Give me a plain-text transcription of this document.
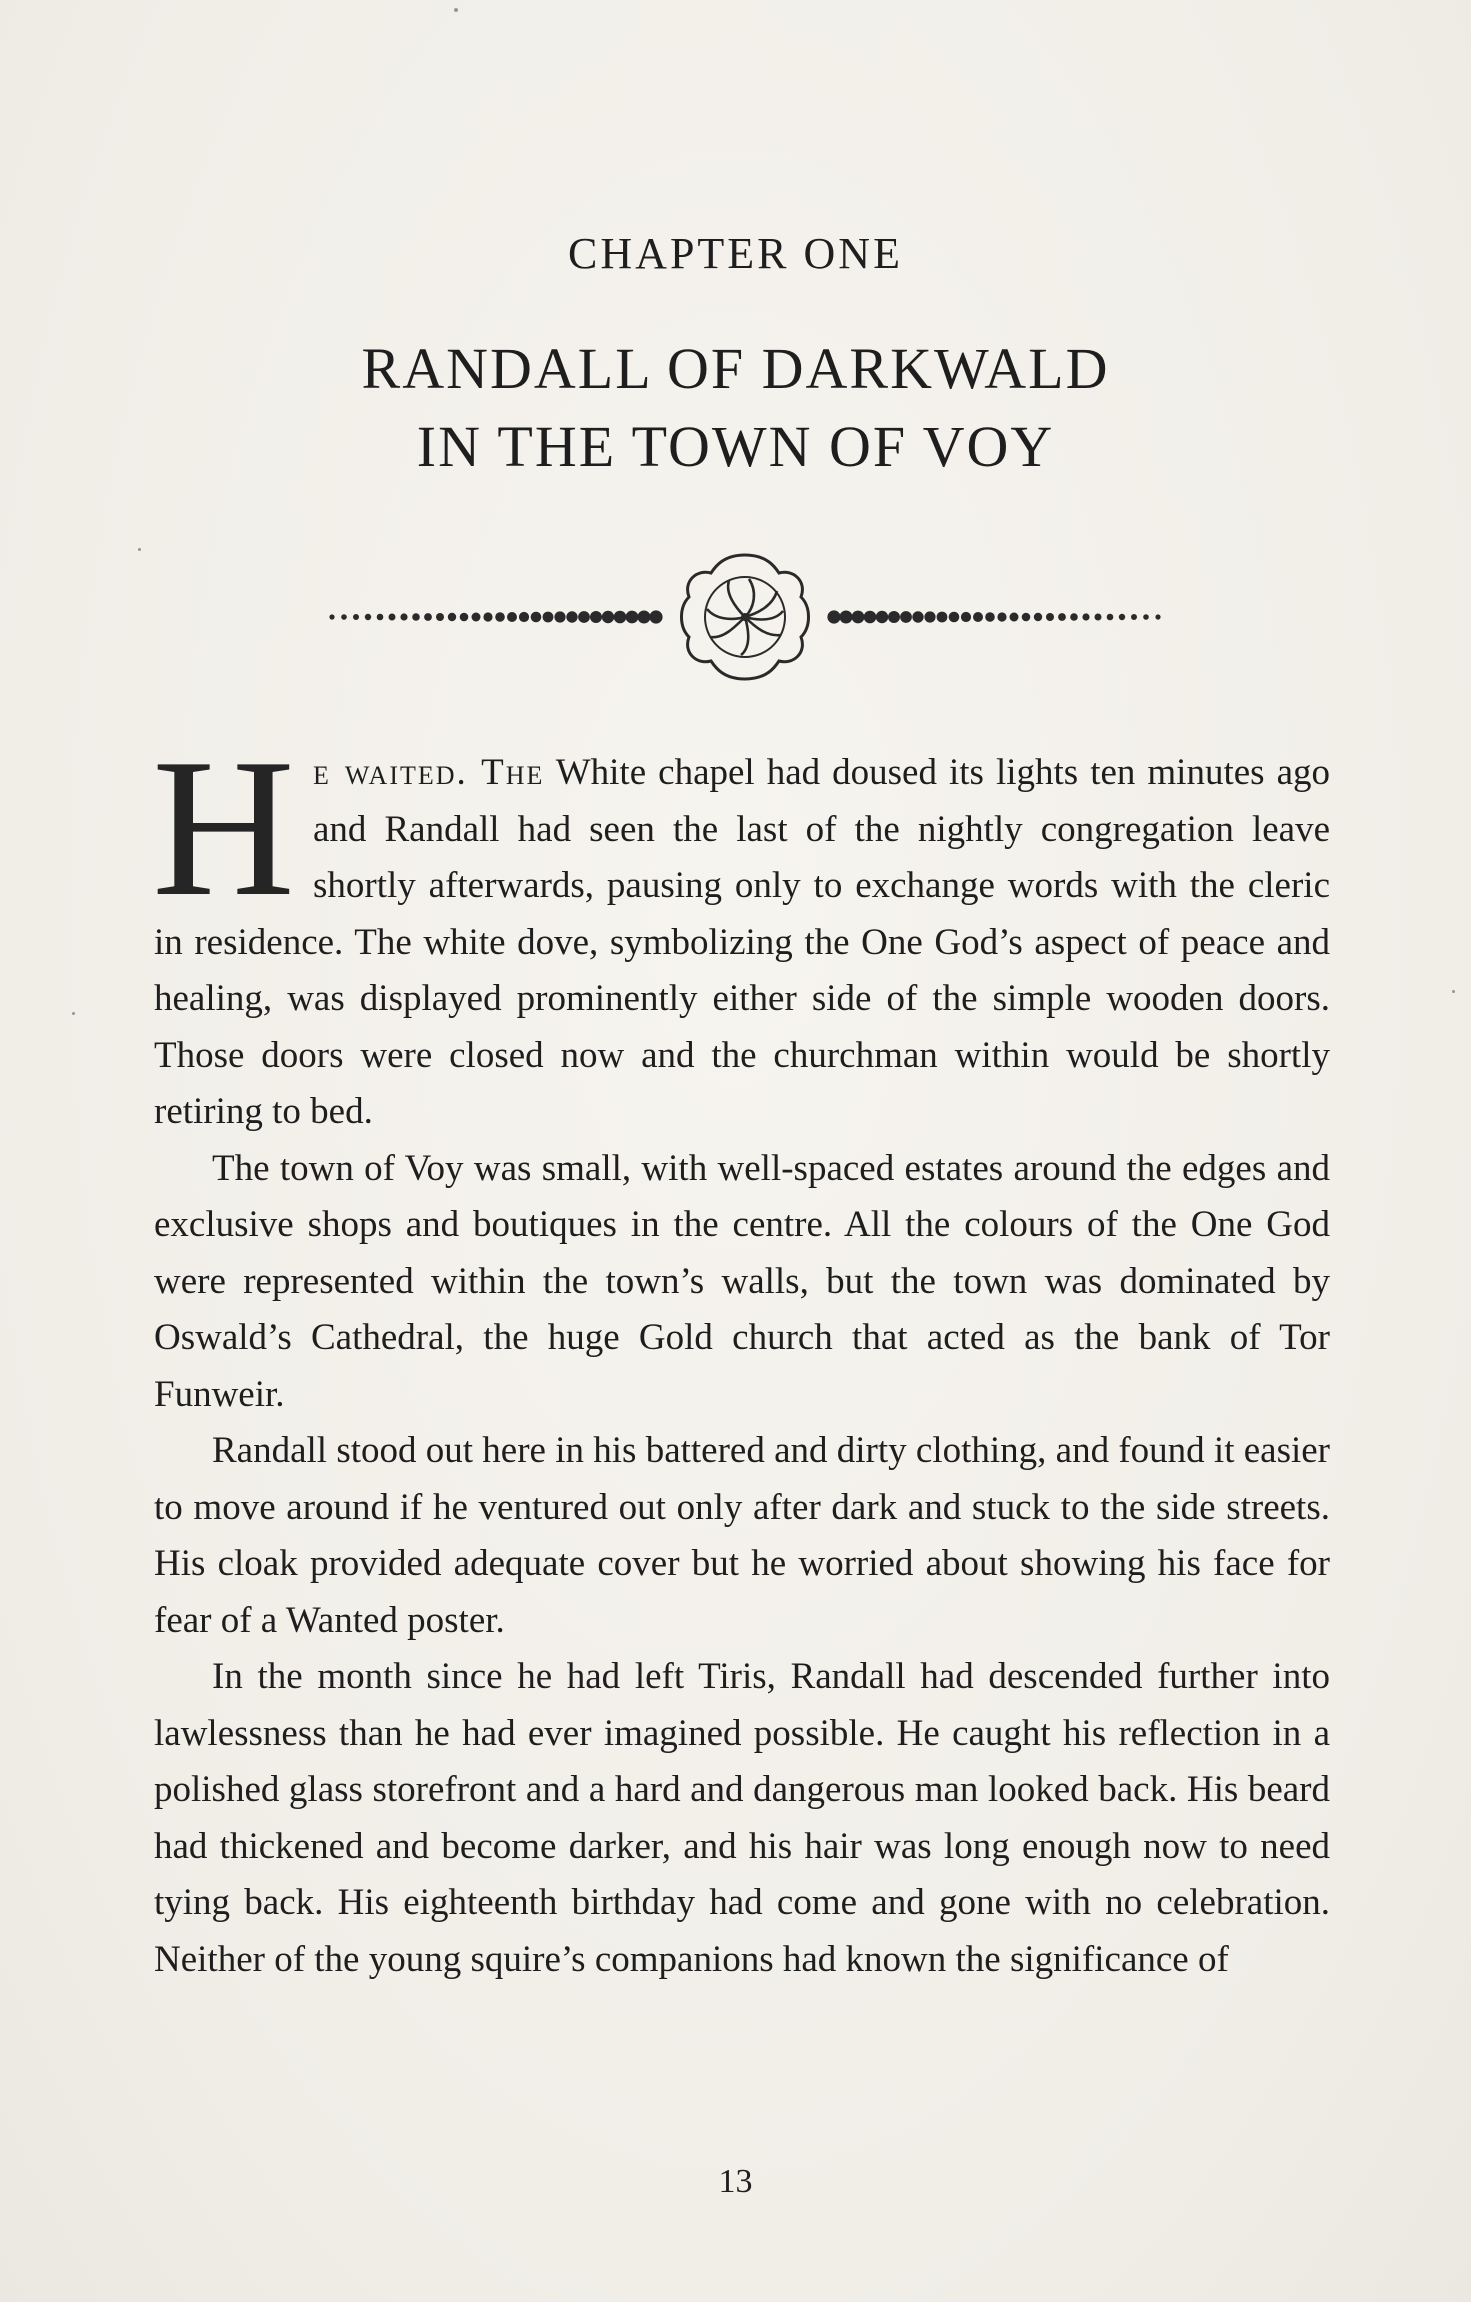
CHAPTER ONE
RANDALL OF DARKWALD
IN THE TOWN OF VOY

He waited. The White chapel had doused its lights ten minutes ago and Randall had seen the last of the nightly congregation leave shortly afterwards, pausing only to exchange words with the cleric in residence. The white dove, symbolizing the One God’s aspect of peace and healing, was displayed prominently either side of the simple wooden doors. Those doors were closed now and the churchman within would be shortly retiring to bed.

The town of Voy was small, with well-spaced estates around the edges and exclusive shops and boutiques in the centre. All the colours of the One God were represented within the town’s walls, but the town was dominated by Oswald’s Cathedral, the huge Gold church that acted as the bank of Tor Funweir.

Randall stood out here in his battered and dirty clothing, and found it easier to move around if he ventured out only after dark and stuck to the side streets. His cloak provided adequate cover but he worried about showing his face for fear of a Wanted poster.

In the month since he had left Tiris, Randall had descended further into lawlessness than he had ever imagined possible. He caught his reflection in a polished glass storefront and a hard and dangerous man looked back. His beard had thickened and become darker, and his hair was long enough now to need tying back. His eighteenth birthday had come and gone with no celebration. Neither of the young squire’s companions had known the significance of

13
